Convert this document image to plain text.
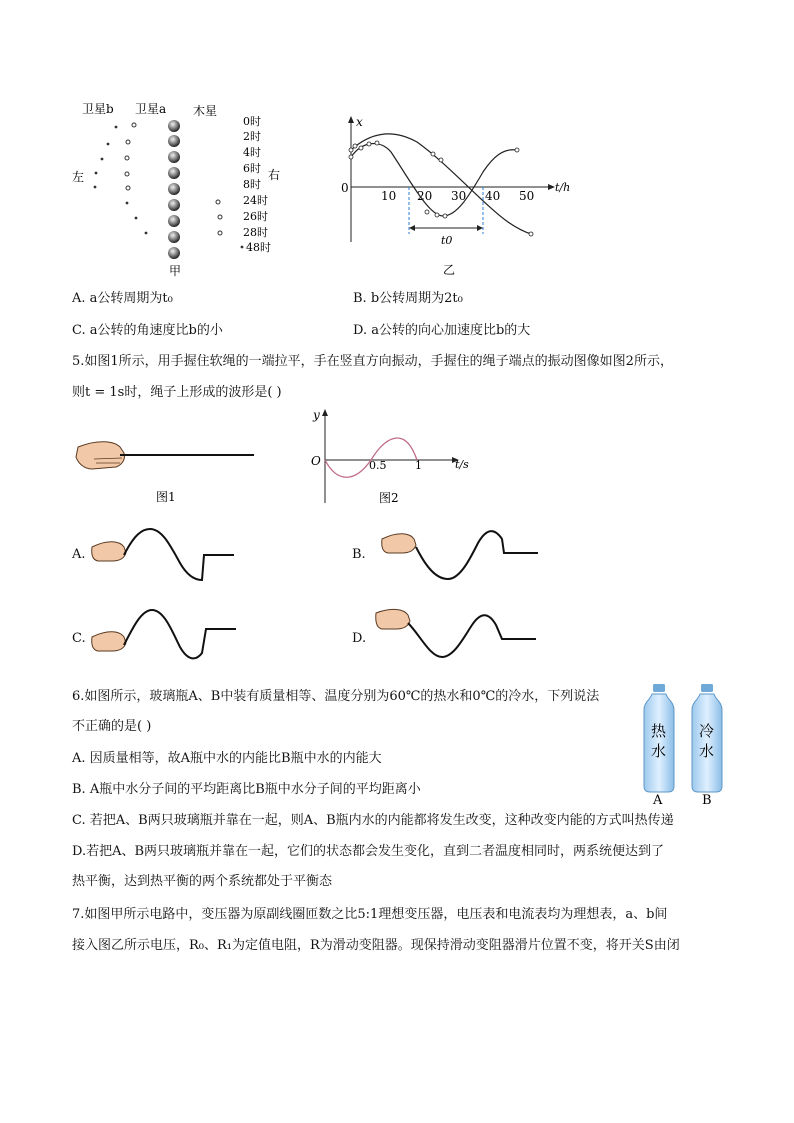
卫星b 卫星a 木星
左	右
0时
2时
4时
6时
8时
24时
26时
28时
48时
甲
x
t/h
0
10 20 30 40 50
t0
乙
A. a公转周期为t₀	B. b公转周期为2t₀
C. a公转的角速度比b的小	D. a公转的向心加速度比b的大
5.如图1所示，用手握住软绳的一端拉平，手在竖直方向振动，手握住的绳子端点的振动图像如图2所示，
则t = 1s时，绳子上形成的波形是( )
图1
y
O	0.5	1	t/s
图2
A.	B.
C.	D.
6.如图所示，玻璃瓶A、B中装有质量相等、温度分别为60℃的热水和0℃的冷水，下列说法
不正确的是( )
A. 因质量相等，故A瓶中水的内能比B瓶中水的内能大
B. A瓶中水分子间的平均距离比B瓶中水分子间的平均距离小
C. 若把A、B两只玻璃瓶并靠在一起，则A、B瓶内水的内能都将发生改变，这种改变内能的方式叫热传递
D.若把A、B两只玻璃瓶并靠在一起，它们的状态都会发生变化，直到二者温度相同时，两系统便达到了
热平衡，达到热平衡的两个系统都处于平衡态
热
水
A
冷
水
B
7.如图甲所示电路中，变压器为原副线圈匝数之比5:1理想变压器，电压表和电流表均为理想表，a、b间
接入图乙所示电压，R₀、R₁为定值电阻，R为滑动变阻器。现保持滑动变阻器滑片位置不变，将开关S由闭
